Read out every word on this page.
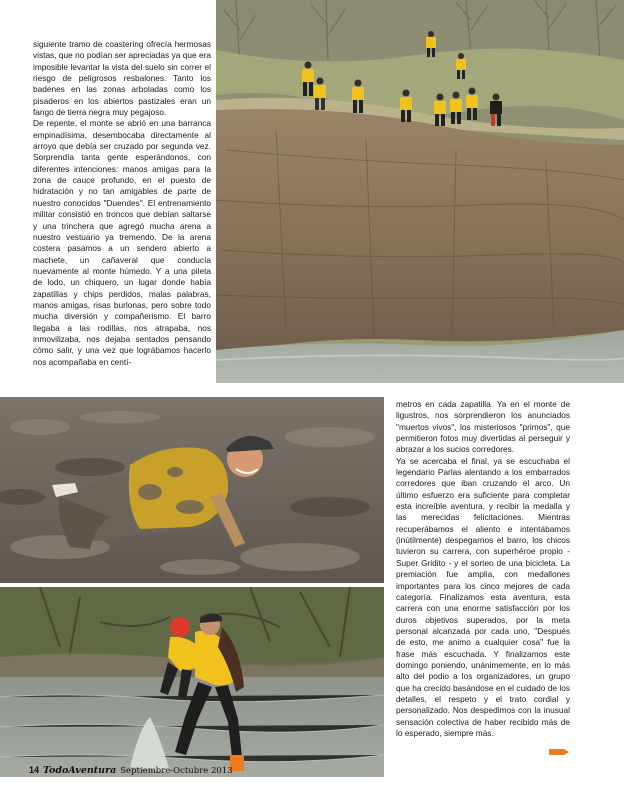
siguiente tramo de coastering ofrecía hermosas vistas, que no podían ser apreciadas ya que era imposible levantar la vista del suelo sin correr el riesgo de peligrosos resbalones. Tanto los badenes en las zonas arboladas como los pisaderos en los abiertos pastizales eran un fango de tierra negra muy pegajoso.

De repente, el monte se abrió en una barranca empinadísima, desembocaba directamente al arroyo que debía ser cruzado por segunda vez. Sorprendía tanta gente esperándonos, con diferentes intenciones: manos amigas para la zona de cauce profundo, en el puesto de hidratación y no tan amigables de parte de nuestro conocidos "Duendes". El entrenamiento militar consistió en troncos que debían saltarse y una trinchera que agregó mucha arena a nuestro vestuario ya tremendo. De la arena costera pasamos a un sendero abierto a machete, un cañaveral que conducía nuevamente al monte húmedo. Y a una pileta de lodo, un chiquero, un lugar donde había zapatillas y chips perdidos, malas palabras, manos amigas, risas burlonas, pero sobre todo mucha diversión y compañerismo. El barro llegaba a las rodillas, nos atrapaba, nos inmovilizaba, nos dejaba sentados pensando cómo salir, y una vez que lográbamos hacerlo nos acompañaba en centí-

metros en cada zapatilla. Ya en el monte de ligustros, nos sorprendieron los anunciados "muertos vivos", los misteriosos "primos", que permitieron fotos muy divertidas al perseguir y abrazar a los sucios corredores.

Ya se acercaba el final, ya se escuchaba el legendario Parlas alentando a los embarrados corredores que iban cruzando el arco. Un último esfuerzo era suficiente para completar esta increíble aventura, y recibir la medalla y las merecidas felicitaciones. Mientras recuperábamos el aliento e intentábamos (inútilmente) despegarnos el barro, los chicos tuvieron su carrera, con superhéroe propio - Super Gridito - y el sorteo de una bicicleta. La premiación fue amplia, con medallones importantes para los cinco mejores de cada categoría. Finalizamos esta aventura, esta carrera con una enorme satisfacción por los duros objetivos superados, por la meta personal alcanzada por cada uno, "Después de esto, me animo a cualquier cosa" fue la frase más escuchada. Y finalizamos este domingo poniendo, unánimemente, en lo más alto del podio a los organizadores, un grupo que ha crecido basándose en el cuidado de los detalles, el respeto y el trato cordial y personalizado. Nos despedimos con la inusual sensación colectiva de haber recibido más de lo esperado, siempre más.

14 TodoAventura Septiembre-Octubre 2013
